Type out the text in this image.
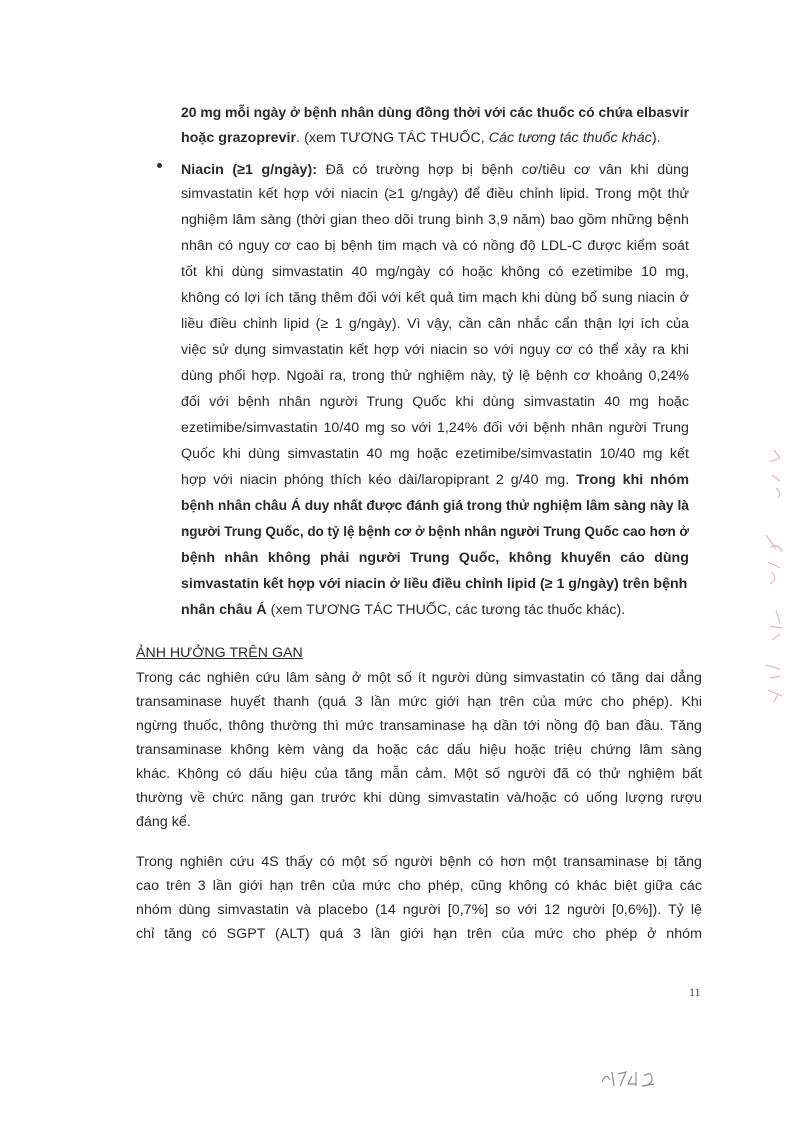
20 mg mỗi ngày ở bệnh nhân dùng đồng thời với các thuốc có chứa elbasvir
hoặc grazoprevir. (xem TƯƠNG TÁC THUỐC, Các tương tác thuốc khác).
Niacin (≥1 g/ngày): Đã có trường hợp bị bệnh cơ/tiêu cơ vân khi dùng
simvastatin kết hợp với niacin (≥1 g/ngày) để điều chỉnh lipid. Trong một thử
nghiệm lâm sàng (thời gian theo dõi trung bình 3,9 năm) bao gồm những bệnh
nhân có nguy cơ cao bị bệnh tim mạch và có nồng độ LDL-C được kiểm soát
tốt khi dùng simvastatin 40 mg/ngày có hoặc không có ezetimibe 10 mg,
không có lợi ích tăng thêm đối với kết quả tim mạch khi dùng bổ sung niacin ở
liều điều chỉnh lipid (≥ 1 g/ngày). Vì vậy, cần cân nhắc cẩn thận lợi ích của
việc sử dụng simvastatin kết hợp với niacin so với nguy cơ có thể xảy ra khi
dùng phối hợp. Ngoài ra, trong thử nghiệm này, tỷ lệ bệnh cơ khoảng 0,24%
đối với bệnh nhân người Trung Quốc khi dùng simvastatin 40 mg hoặc
ezetimibe/simvastatin 10/40 mg so với 1,24% đối với bệnh nhân người Trung
Quốc khi dùng simvastatin 40 mg hoặc ezetimibe/simvastatin 10/40 mg kết
hợp với niacin phóng thích kéo dài/laropiprant 2 g/40 mg. Trong khi nhóm
bệnh nhân châu Á duy nhất được đánh giá trong thử nghiệm lâm sàng này là
người Trung Quốc, do tỷ lệ bệnh cơ ở bệnh nhân người Trung Quốc cao hơn ở
bệnh nhân không phải người Trung Quốc, không khuyến cáo dùng
simvastatin kết hợp với niacin ở liều điều chỉnh lipid (≥ 1 g/ngày) trên bệnh
nhân châu Á (xem TƯƠNG TÁC THUỐC, các tương tác thuốc khác).
Trong các nghiên cứu lâm sàng ở một số ít người dùng simvastatin có tăng dai dẳng
transaminase huyết thanh (quá 3 lần mức giới hạn trên của mức cho phép). Khi
ngừng thuốc, thông thường thì mức transaminase hạ dần tới nồng độ ban đầu. Tăng
transaminase không kèm vàng da hoặc các dấu hiệu hoặc triệu chứng lâm sàng
khác. Không có dấu hiệu của tăng mẫn cảm. Một số người đã có thử nghiệm bất
thường về chức năng gan trước khi dùng simvastatin và/hoặc có uống lượng rượu
đáng kể.
Trong nghiên cứu 4S thấy có một số người bệnh có hơn một transaminase bị tăng
cao trên 3 lần giới hạn trên của mức cho phép, cũng không có khác biệt giữa các
nhóm dùng simvastatin và placebo (14 người [0,7%] so với 12 người [0,6%]). Tỷ lệ
chỉ tăng có SGPT (ALT) quá 3 lần giới hạn trên của mức cho phép ở nhóm
ẢNH HƯỞNG TRÊN GAN
11
